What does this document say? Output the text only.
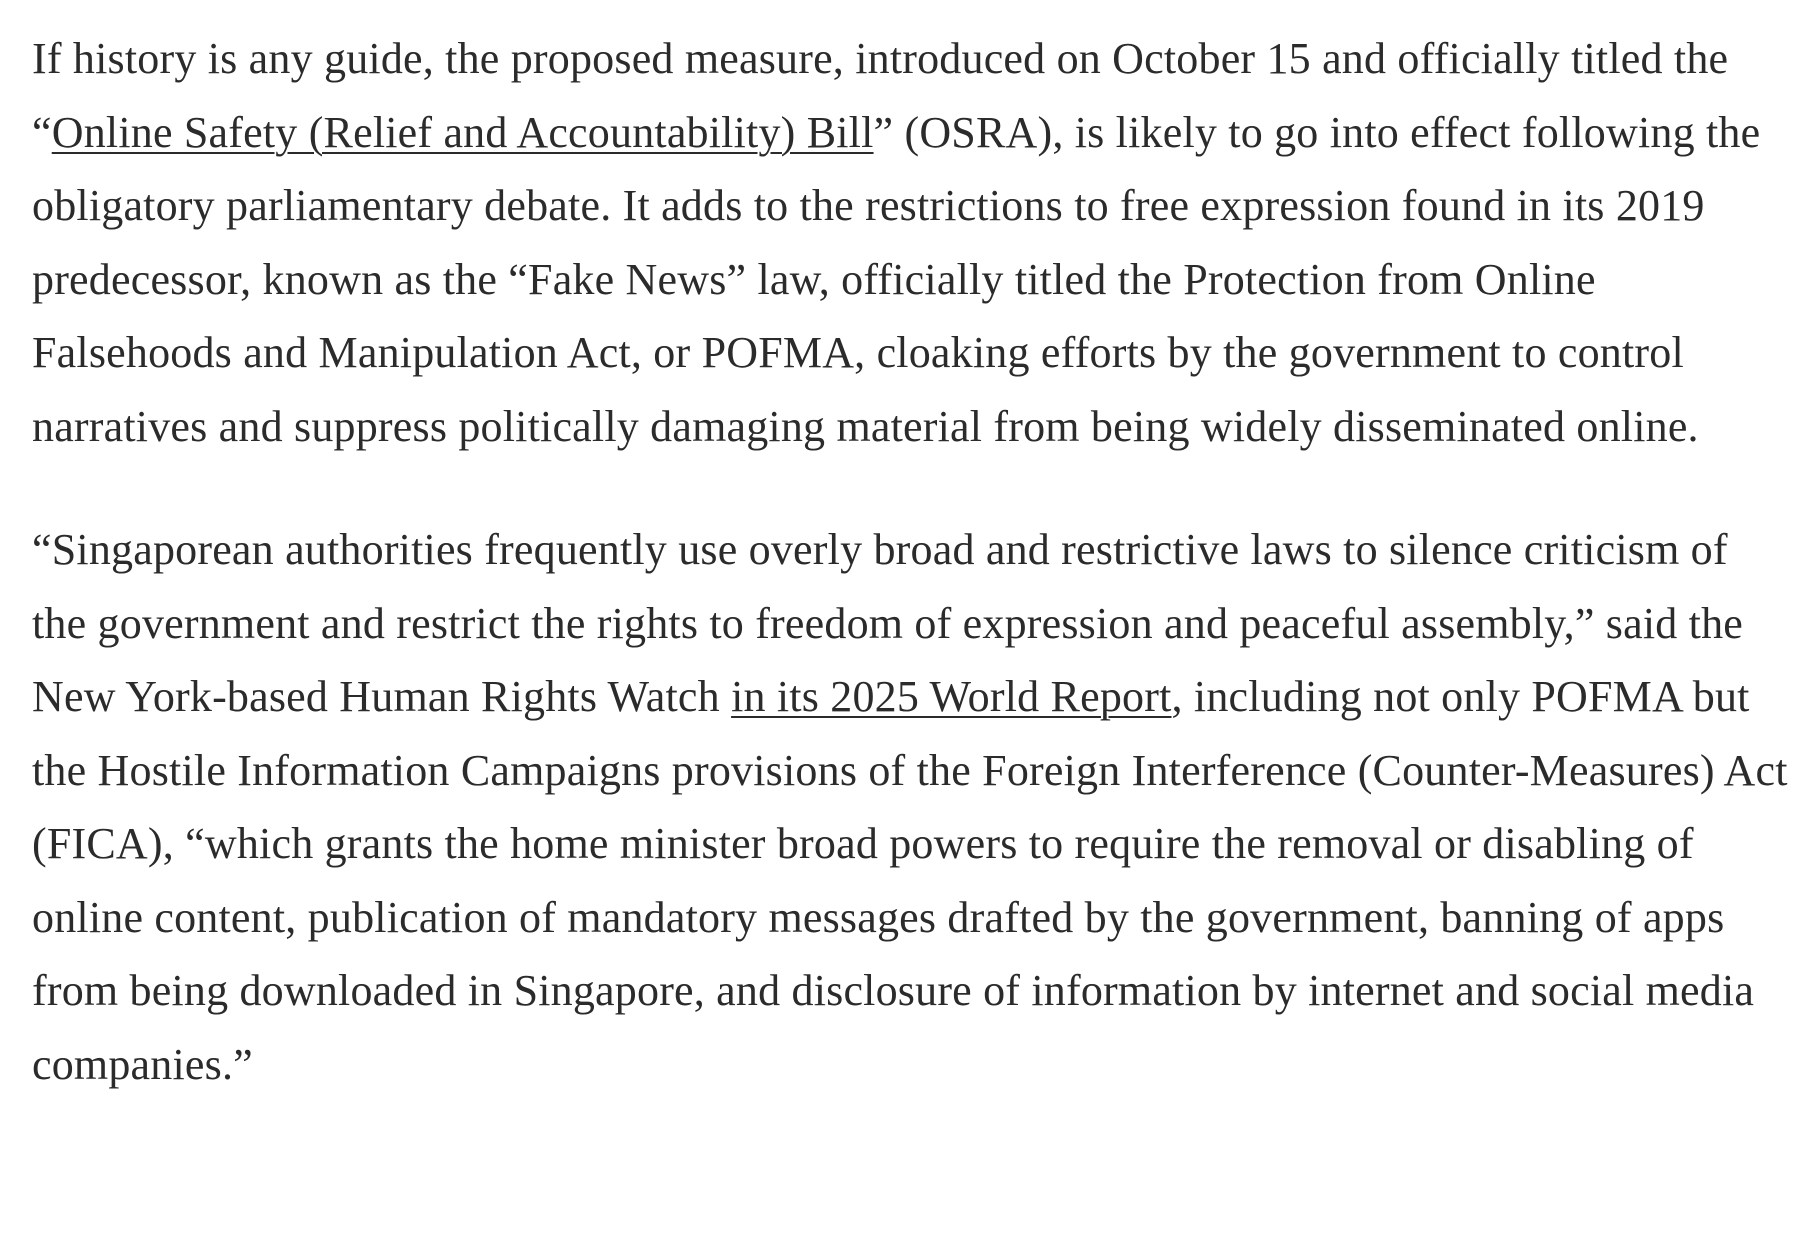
If history is any guide, the proposed measure, introduced on October 15 and officially titled the “Online Safety (Relief and Accountability) Bill” (OSRA), is likely to go into effect following the obligatory parliamentary debate. It adds to the restrictions to free expression found in its 2019 predecessor, known as the “Fake News” law, officially titled the Protection from Online Falsehoods and Manipulation Act, or POFMA, cloaking efforts by the government to control narratives and suppress politically damaging material from being widely disseminated online.

“Singaporean authorities frequently use overly broad and restrictive laws to silence criticism of the government and restrict the rights to freedom of expression and peaceful assembly,” said the New York-based Human Rights Watch in its 2025 World Report, including not only POFMA but the Hostile Information Campaigns provisions of the Foreign Interference (Counter-Measures) Act (FICA), “which grants the home minister broad powers to require the removal or disabling of online content, publication of mandatory messages drafted by the government, banning of apps from being downloaded in Singapore, and disclosure of information by internet and social media companies.”
